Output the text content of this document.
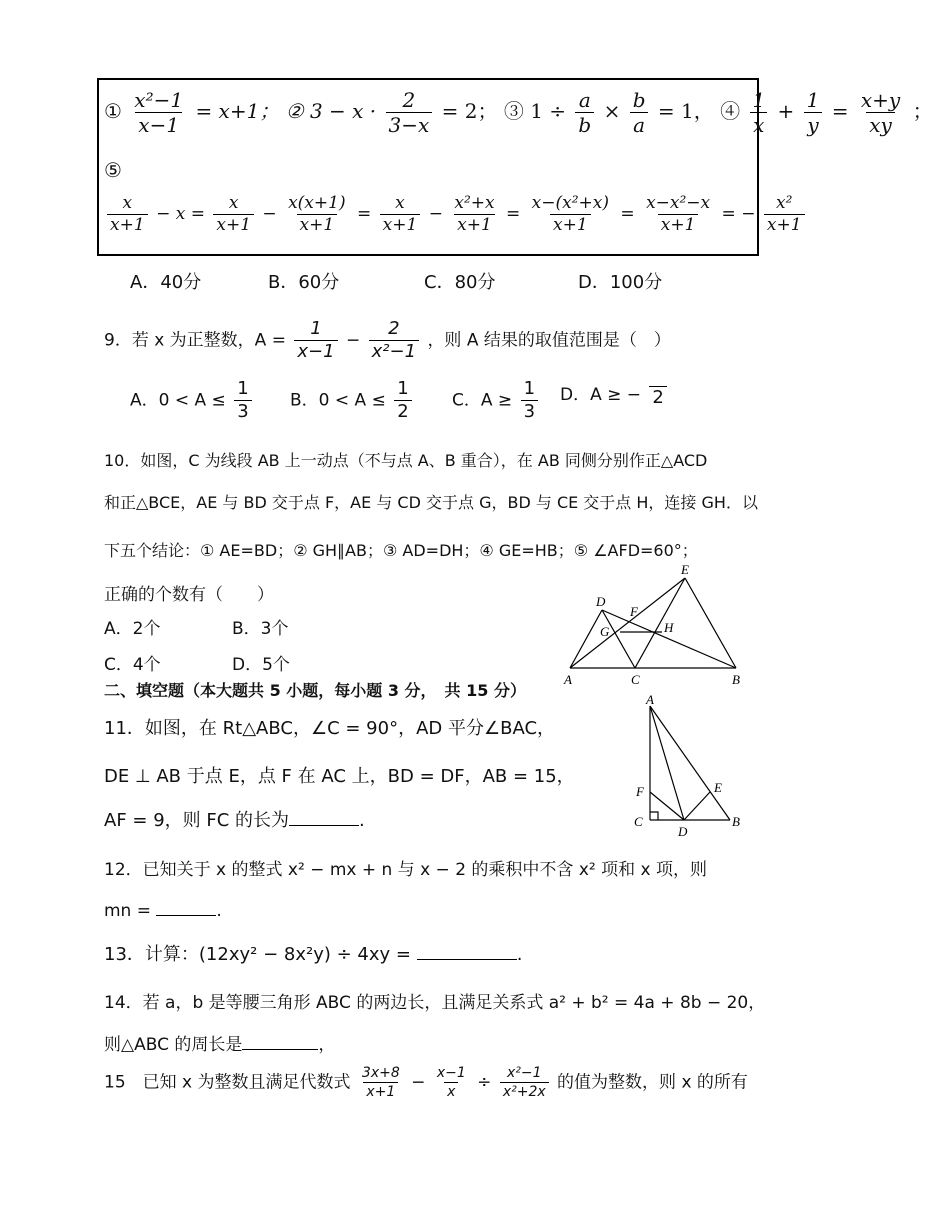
① $\frac{\text{x²−1}}{x-1} = x+1$； ② $3 - x \cdot \frac{2}{3-x} = 2$； ③ $1 \div \frac{a}{b} \times \frac{b}{a} = 1$， ④ $\frac{1}{x} + \frac{1}{y} = \frac{x+y}{xy}$ ；
⑤
$\frac{x}{x+1} - x = \frac{x}{x+1} - \frac{x(x+1)}{x+1} = \frac{x}{x+1} - \frac{\text{x²+x}}{x+1} = \frac{\text{x−(x²+x)}}{x+1} = \frac{\text{x−x²−x}}{x+1}$ = − $\frac{\text{x²}}{x+1}$
A．40分	B．60分	C．80分	D．100分
9．若 x 为正整数，$A = \frac{1}{x-1} - \frac{2}{\text{x²−1}}$ ，则 A 结果的取值范围是（　）
A．$0 < A \le \frac{1}{3}$ B．$0 < A \le \frac{1}{2}$ C．$A \ge \frac{1}{3}$ D．A ≥ − 2
10．如图，C 为线段 AB 上一动点（不与点 A、B 重合），在 AB 同侧分别作正△ACD
和正△BCE，AE 与 BD 交于点 F，AE 与 CD 交于点 G，BD 与 CE 交于点 H，连接 GH．以
下五个结论：① AE=BD；② GH∥AB；③ AD=DH；④ GE=HB；⑤ ∠AFD=60°；
正确的个数有（　　）
A．2个	B．3个
C．4个	D．5个
D
E
F
G	H
A	C	B
二、填空题（本大题共 5 小题，每小题 3 分，　共 15 分）
11．如图，在 Rt△ABC，∠C = 90°，AD 平分∠BAC，
DE ⊥ AB 于点 E，点 F 在 AC 上，BD = DF，AB = 15，
AF = 9，则 FC 的长为	.
A
F	E
C
D
B
12．已知关于 x 的整式 x² − mx + n 与 x − 2 的乘积中不含 x² 项和 x 项，则
mn =	.
13．计算：(12xy² − 8x²y) ÷ 4xy =	.
14．若 a，b 是等腰三角形 ABC 的两边长，且满足关系式 a² + b² = 4a + 8b − 20，
则△ABC 的周长是	，
15　已知 x 为整数且满足代数式 $\frac{3x+8}{x+1} - \frac{x-1}{x} \div \frac{\text{x²−1}}{\text{x²+2x}}$ 的值为整数，则 x 的所有
